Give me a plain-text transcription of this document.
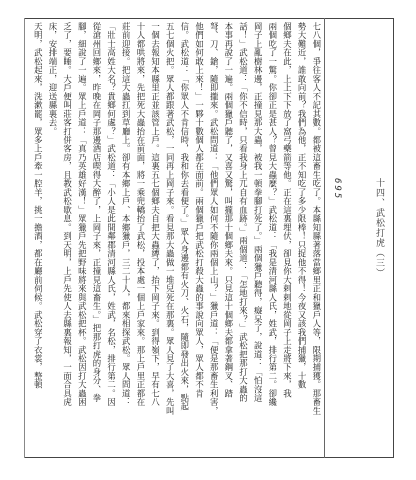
七八個，爭往客人不記其數。都被這畜生吃了。本縣知縣著落當鄉里正和獵戶人等，限期捕獲。那畜生
勢大難近，誰敢向前？我們為他，正不知吃了多少限棒！只捉他不得！今夜又該我們捕獵，十數
個鄉夫在此，上上下下放了窩弓藥箭等他。正在這裏埋伏，卻見你大剌剌地從岡子上走將下來，我
兩個吃了一驚。你卻正是甚人？曾見大蟲麼？」武松道：「我是清河縣人氏，姓武，排行第二。卻纔
岡子上亂樹林邊，正撞見那大蟲，被我一頓拳腳打死了。」兩個獵戶聽得，癡呆了，說道：「怕沒這
話！」武松道：「你不信時，只看我身上兀自有血跡。」兩個道：「怎地打來？」武松把那打大蟲的
本事再說了一遍。兩個獵戶聽了，又喜又驚，叫攏那十個鄉夫來。只見這十個鄉夫都拿著鋼叉、踏
弩、刀、鎗，隨即攏來。武松問道：「他們眾人如何不隨你兩個上山？」獵戶道：「便是那畜生利害，
他們如何敢上來！」一夥十數個人都在面前。兩個獵戶把武松打殺大蟲的事說向眾人，眾人都不肯
信。武松道：「你眾人不肯信時，我和你去看便了。」眾人身邊都有火刀、火石，隨即發出火來，點起
五七個火把。眾人都跟著武松，一同再上岡子來。看見那大蟲做一堆兒死在那裏。眾人見了大喜，先叫
一個去報知本縣里正並該管上戶。這裏五七個鄉夫自把大蟲縛了，抬下岡子來。到得嶺下，早有七八
十人都哄將來，先把死大蟲抬在前面，將一乘兜轎抬了武松，投本處一個上戶家來。那上戶里正都在
莊前迎接。把這大蟲扛到草廳上。卻有本鄉上戶、本鄉獵戶，三二十人，都來相探武松。眾人問道：
「壯士高姓大名？貴鄉何處？」武松道：「小人是此間鄰郡清河縣人氏，姓武，名松，排行第二。因
從滄州回鄉來，昨晚在岡子那邊酒店喫得大醉了，上岡子來，正撞見這畜生。」把那打虎的身分、拳
腳，細說了一遍。眾上戶道：「真乃英雄好漢！」眾獵戶先把野味將來與武松把杯。武松因打大蟲困
乏了，要睡。大戶便叫莊客打併客房，且教武松歇息。到天明，上戶先使人去縣裏報知，一面合具虎
床，安排端正，迎送縣裏去。
天明，武松起來，洗漱罷，眾多上戶牽一腔羊，挑一擔酒，都在廳前伺候。武松穿了衣裳，整頓	十四、武松打虎（三）
695
